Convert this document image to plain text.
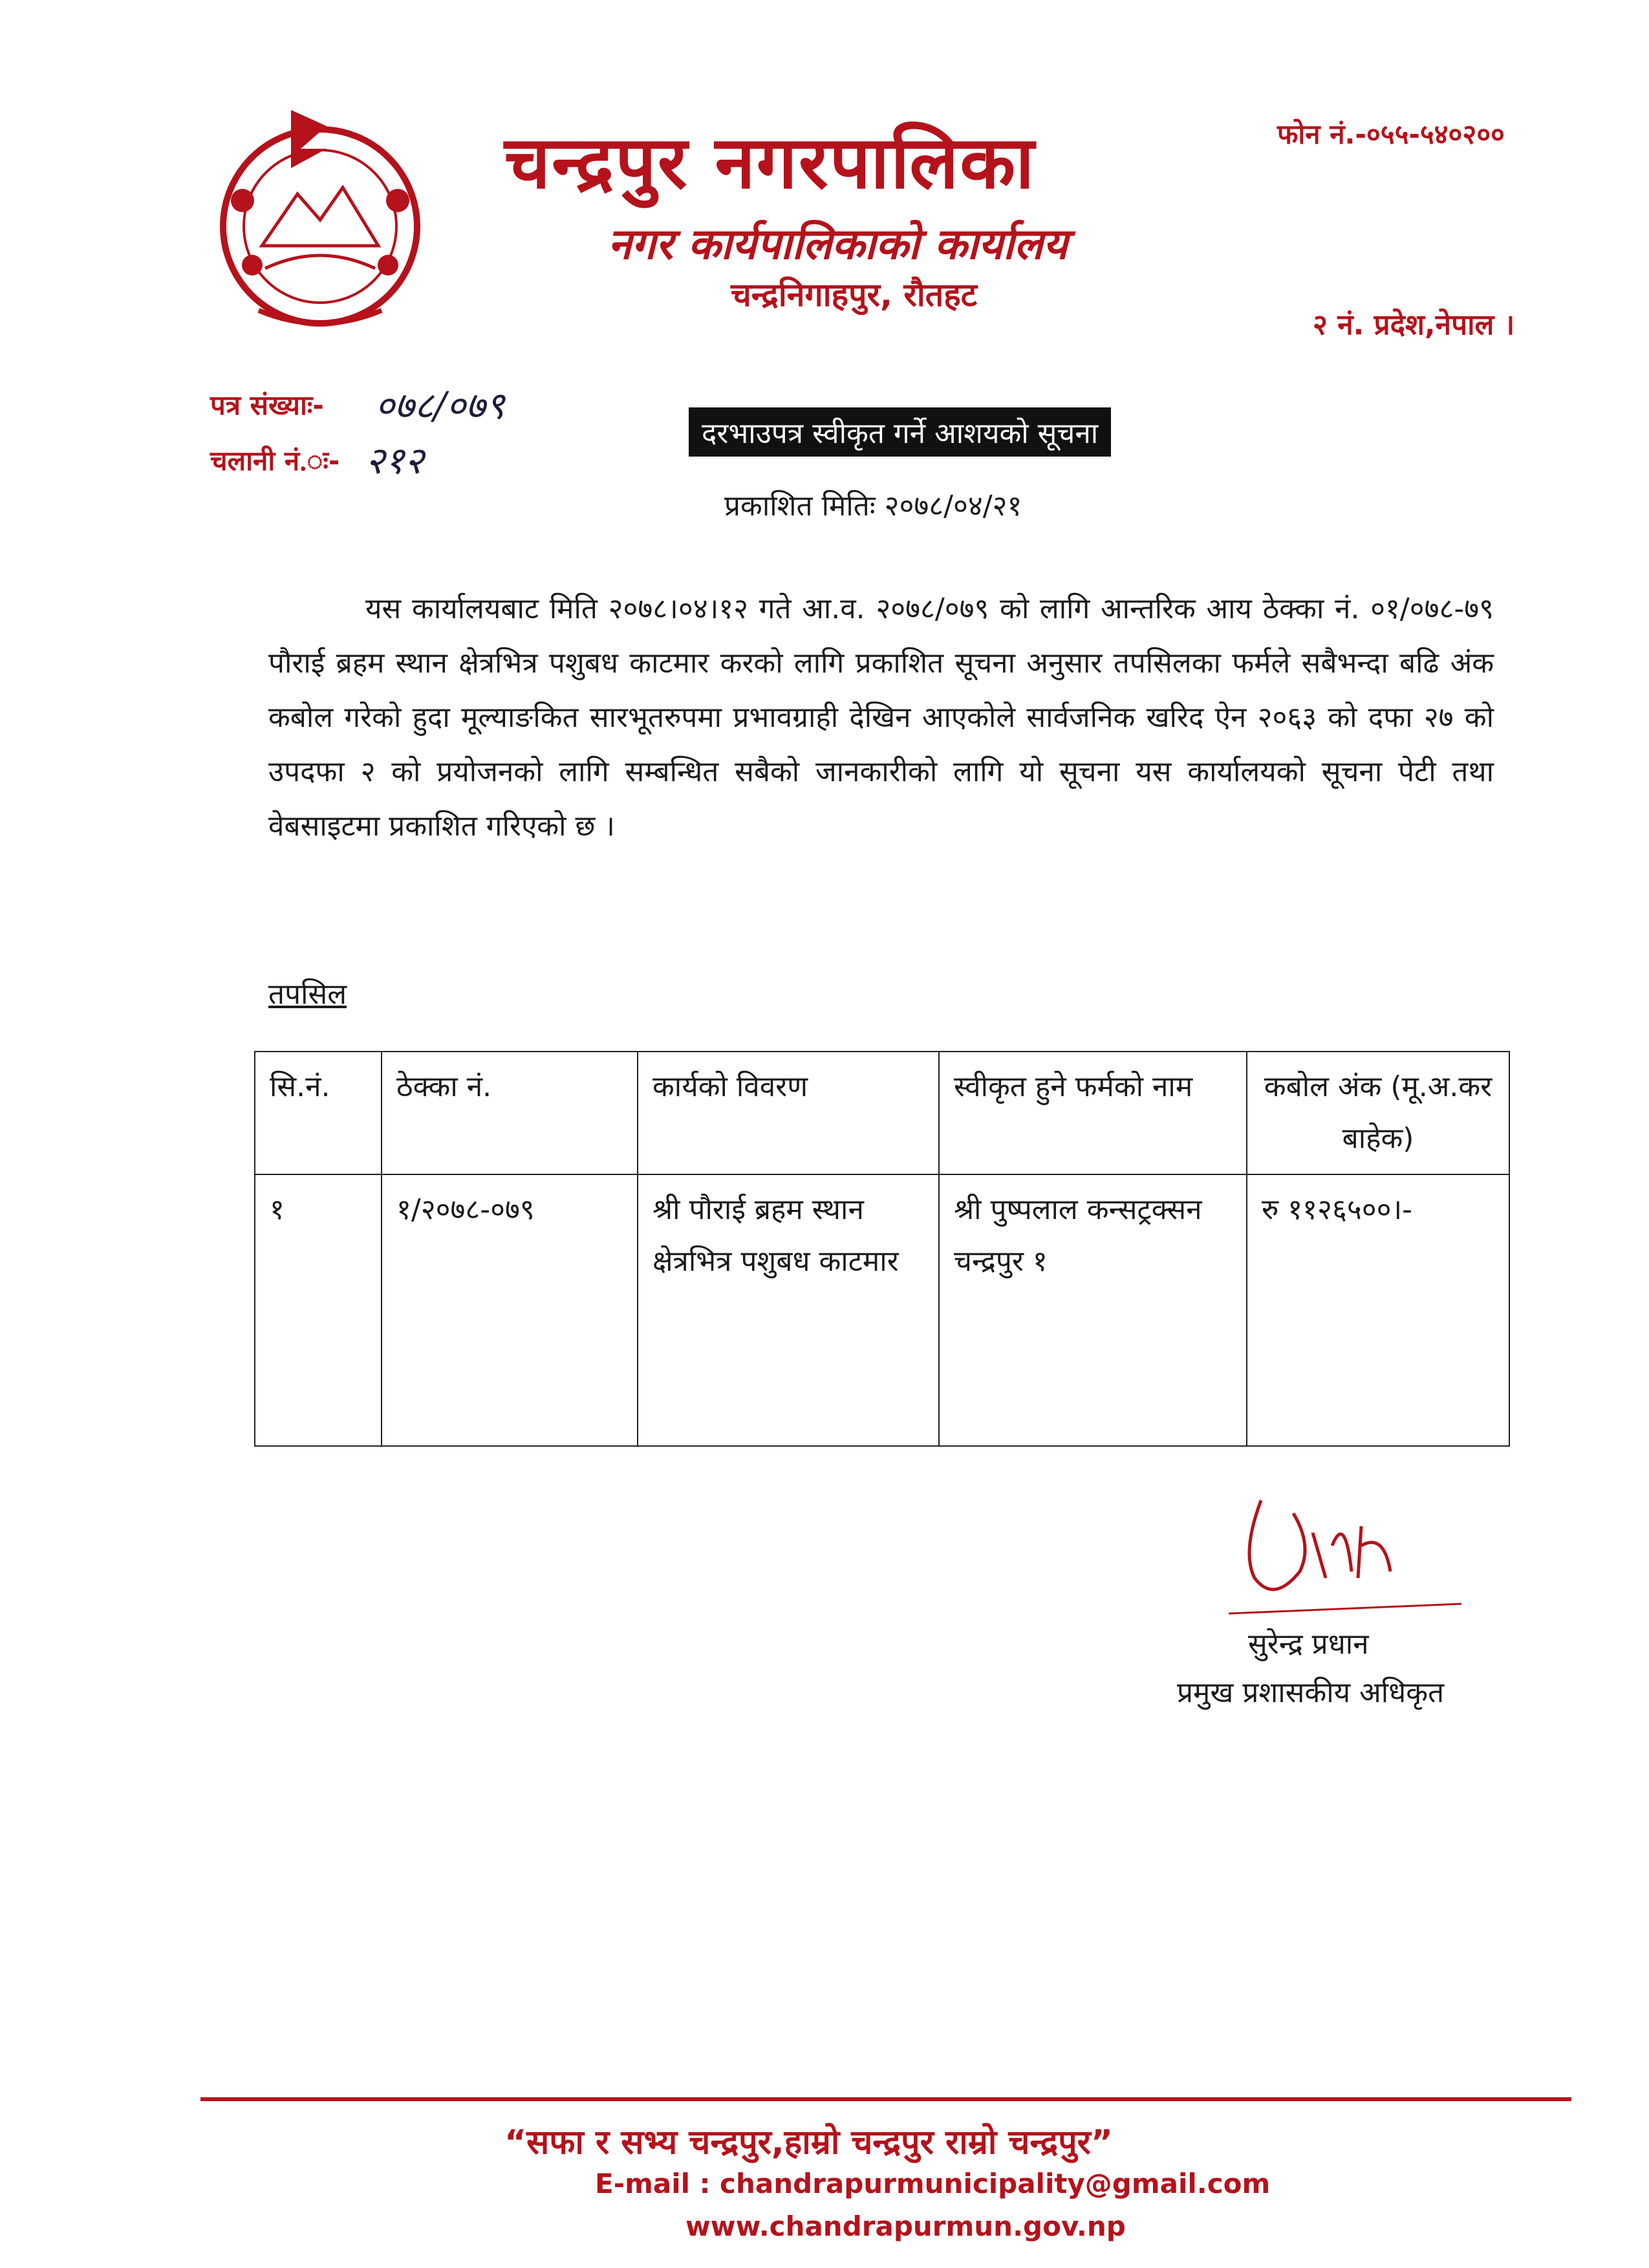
चन्द्रपुर नगरपालिका
नगर कार्यपालिकाको कार्यालय
चन्द्रनिगाहपुर, रौतहट
फोन नं.-०५५-५४०२००
२ नं. प्रदेश,नेपाल ।
पत्र संख्याः- ०७८/०७९
चलानी नं.ः- २१२
दरभाउपत्र स्वीकृत गर्ने आशयको सूचना
प्रकाशित मितिः २०७८/०४/२१
यस कार्यालयबाट मिति २०७८।०४।१२ गते आ.व. २०७८/०७९ को लागि आन्तरिक आय ठेक्का नं. ०१/०७८-७९ पौराई ब्रहम स्थान क्षेत्रभित्र पशुबध काटमार करको लागि प्रकाशित सूचना अनुसार तपसिलका फर्मले सबैभन्दा बढि अंक कबोल गरेको हुदा मूल्याङकित सारभूतरुपमा प्रभावग्राही देखिन आएकोले सार्वजनिक खरिद ऐन २०६३ को दफा २७ को उपदफा २ को प्रयोजनको लागि सम्बन्धित सबैको जानकारीको लागि यो सूचना यस कार्यालयको सूचना पेटी तथा वेबसाइटमा प्रकाशित गरिएको छ ।
तपसिल
सि.नं.	ठेक्का नं.	कार्यको विवरण	स्वीकृत हुने फर्मको नाम	कबोल अंक (मू.अ.कर बाहेक)
१	१/२०७८-०७९	श्री पौराई ब्रहम स्थान क्षेत्रभित्र पशुबध काटमार	श्री पुष्पलाल कन्सट्रक्सन चन्द्रपुर १	रु ११२६५००।-
सुरेन्द्र प्रधान
प्रमुख प्रशासकीय अधिकृत
“सफा र सभ्य चन्द्रपुर,हाम्रो चन्द्रपुर राम्रो चन्द्रपुर”
E-mail : chandrapurmunicipality@gmail.com
www.chandrapurmun.gov.np
